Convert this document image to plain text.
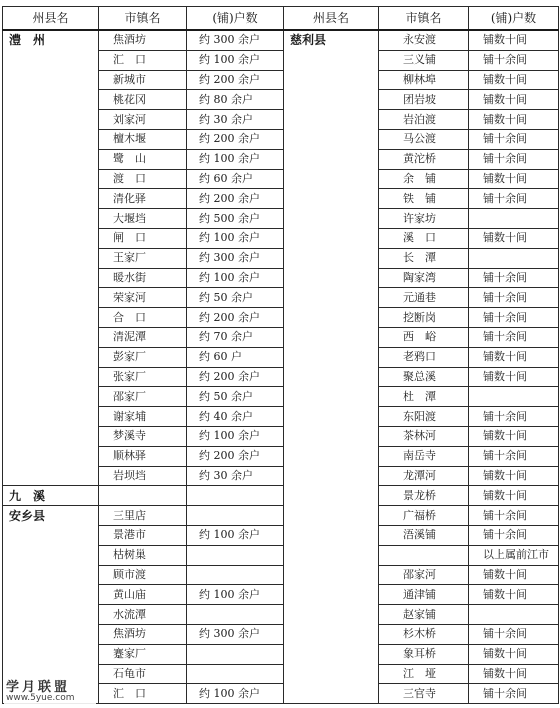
州县名	市镇名	(铺)户数	州县名	市镇名	(铺)户数
澧　州	焦酒坊	约 300 余户	慈利县	永安渡	铺数十间
	汇　口	约 100 余户		三义铺	铺十余间
	新城市	约 200 余户		柳林埠	铺数十间
	桃花冈	约 80 余户		团岩坡	铺数十间
	刘家河	约 30 余户		岩泊渡	铺数十间
	檀木堰	约 200 余户		马公渡	铺十余间
	鹭　山	约 100 余户		黄沱桥	铺十余间
	渡　口	约 60 余户		余　铺	铺数十间
	清化驿	约 200 余户		铁　铺	铺十余间
	大堰垱	约 500 余户		许家坊	
	闸　口	约 100 余户		溪　口	铺数十间
	王家厂	约 300 余户		长　潭	
	暖水街	约 100 余户		陶家湾	铺十余间
	荣家河	约 50 余户		元通巷	铺十余间
	合　口	约 200 余户		挖断岗	铺十余间
	清泥潭	约 70 余户		西　峪	铺十余间
	彭家厂	约 60 户		老鸦口	铺数十间
	张家厂	约 200 余户		聚总溪	铺数十间
	邵家厂	约 50 余户		杜　潭	
	谢家埔	约 40 余户		东阳渡	铺十余间
	梦溪寺	约 100 余户		茶林河	铺数十间
	顺林驿	约 200 余户		南岳寺	铺十余间
	岩坝垱	约 30 余户		龙潭河	铺数十间
九　溪				景龙桥	铺数十间
安乡县	三里店			广福桥	铺十余间
	景港市	约 100 余户		浯溪铺	铺十余间
	枯树巢				以上属前江市
	顾市渡			邵家河	铺数十间
	黄山庙	约 100 余户		通津铺	铺数十间
	水流潭			赵家铺	
	焦酒坊	约 300 余户		杉木桥	铺十余间
	蹇家厂			象耳桥	铺数十间
	石龟市			江　垭	铺数十间
	汇　口	约 100 余户		三官寺	铺十余间
学月联盟
www.5yue.com
